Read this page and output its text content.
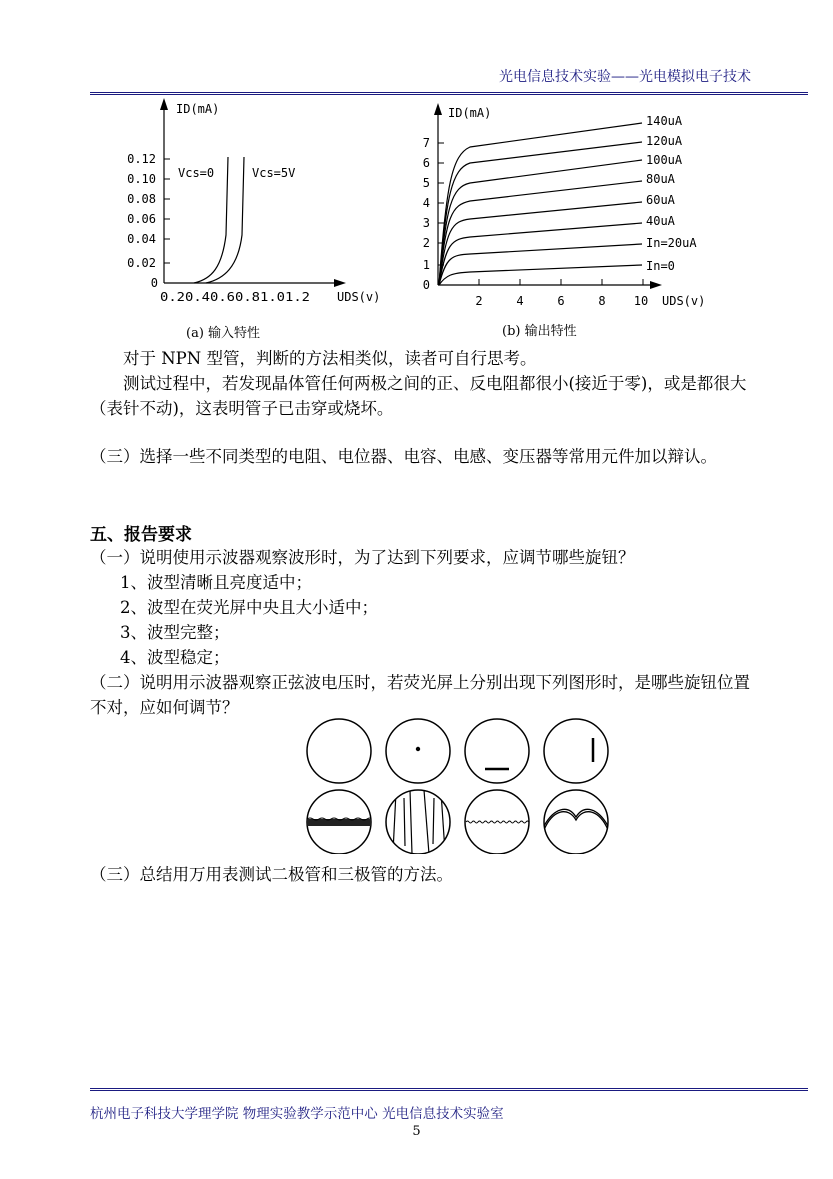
光电信息技术实验——光电模拟电子技术
ID(mA)
0.12
0.10
0.08
0.06
0.04
0.02
0
0.20.40.60.81.01.2 UDS(v)
Vcs=0	Vcs=5V
(a) 输入特性
ID(mA)
7
6
5
4
3
2
1
0
2	4	6	8 10 UDS(v)
140uA
120uA
100uA
80uA
60uA
40uA
In=20uA
In=0
(b) 输出特性

对于 NPN 型管，判断的方法相类似，读者可自行思考。

测试过程中，若发现晶体管任何两极之间的正、反电阻都很小(接近于零)，或是都很大（表针不动)，这表明管子已击穿或烧坏。

（三）选择一些不同类型的电阻、电位器、电容、电感、变压器等常用元件加以辩认。

五、报告要求

（一）说明使用示波器观察波形时，为了达到下列要求，应调节哪些旋钮？

1、波型清晰且亮度适中；

2、波型在荧光屏中央且大小适中；

3、波型完整；

4、波型稳定；

（二）说明用示波器观察正弦波电压时，若荧光屏上分别出现下列图形时，是哪些旋钮位置不对，应如何调节？

（三）总结用万用表测试二极管和三极管的方法。

杭州电子科技大学理学院 物理实验教学示范中心 光电信息技术实验室
5
